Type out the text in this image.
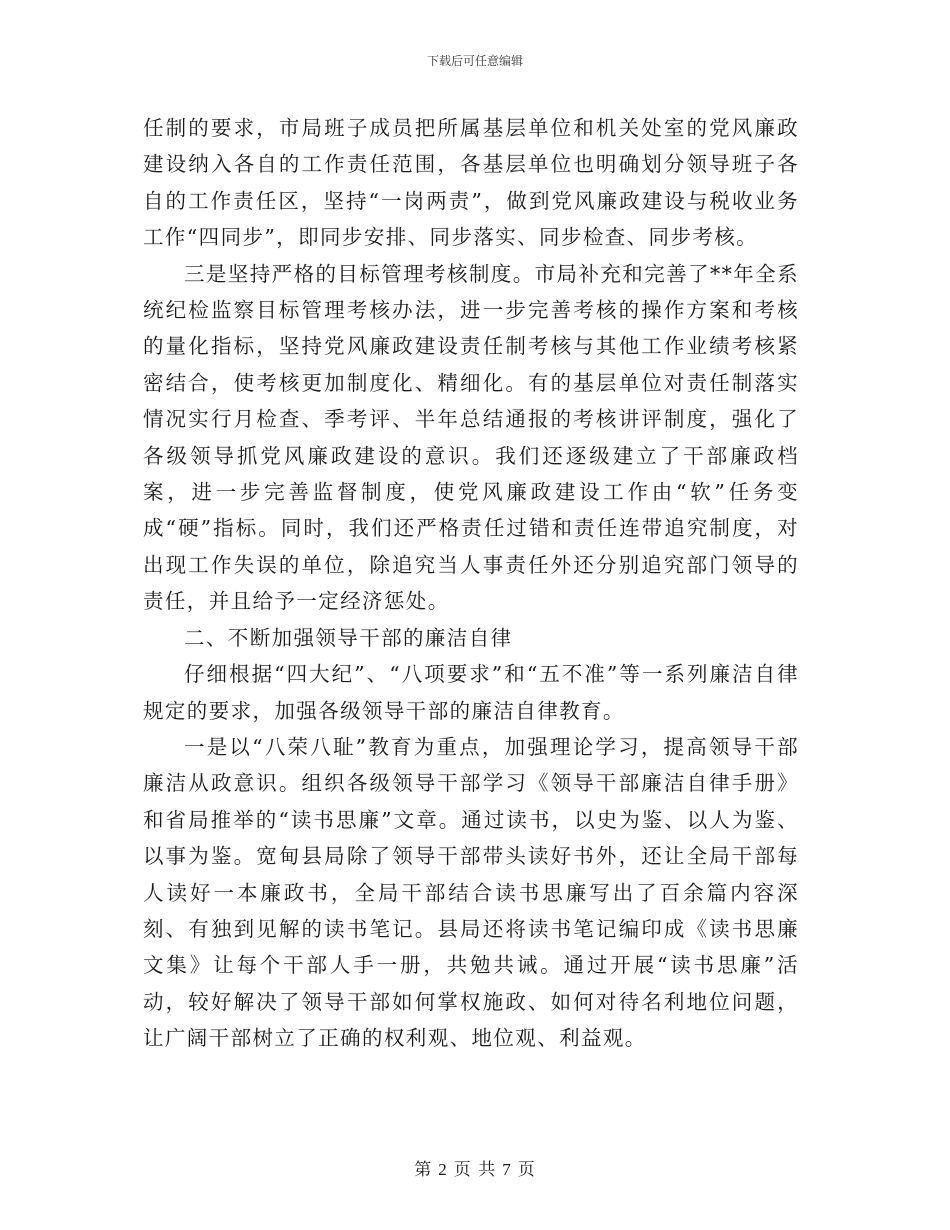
下载后可任意编辑

任制的要求，市局班子成员把所属基层单位和机关处室的党风廉政建设纳入各自的工作责任范围，各基层单位也明确划分领导班子各自的工作责任区，坚持“一岗两责”，做到党风廉政建设与税收业务工作“四同步”，即同步安排、同步落实、同步检查、同步考核。

三是坚持严格的目标管理考核制度。市局补充和完善了**年全系统纪检监察目标管理考核办法，进一步完善考核的操作方案和考核的量化指标，坚持党风廉政建设责任制考核与其他工作业绩考核紧密结合，使考核更加制度化、精细化。有的基层单位对责任制落实情况实行月检查、季考评、半年总结通报的考核讲评制度，强化了各级领导抓党风廉政建设的意识。我们还逐级建立了干部廉政档案，进一步完善监督制度，使党风廉政建设工作由“软”任务变成“硬”指标。同时，我们还严格责任过错和责任连带追究制度，对出现工作失误的单位，除追究当人事责任外还分别追究部门领导的责任，并且给予一定经济惩处。

二、不断加强领导干部的廉洁自律

仔细根据“四大纪”、“八项要求”和“五不准”等一系列廉洁自律规定的要求，加强各级领导干部的廉洁自律教育。

一是以“八荣八耻”教育为重点，加强理论学习，提高领导干部廉洁从政意识。组织各级领导干部学习《领导干部廉洁自律手册》和省局推举的“读书思廉”文章。通过读书，以史为鉴、以人为鉴、以事为鉴。宽甸县局除了领导干部带头读好书外，还让全局干部每人读好一本廉政书，全局干部结合读书思廉写出了百余篇内容深刻、有独到见解的读书笔记。县局还将读书笔记编印成《读书思廉文集》让每个干部人手一册，共勉共诫。通过开展“读书思廉”活动，较好解决了领导干部如何掌权施政、如何对待名利地位问题，让广阔干部树立了正确的权利观、地位观、利益观。

第 2 页 共 7 页
